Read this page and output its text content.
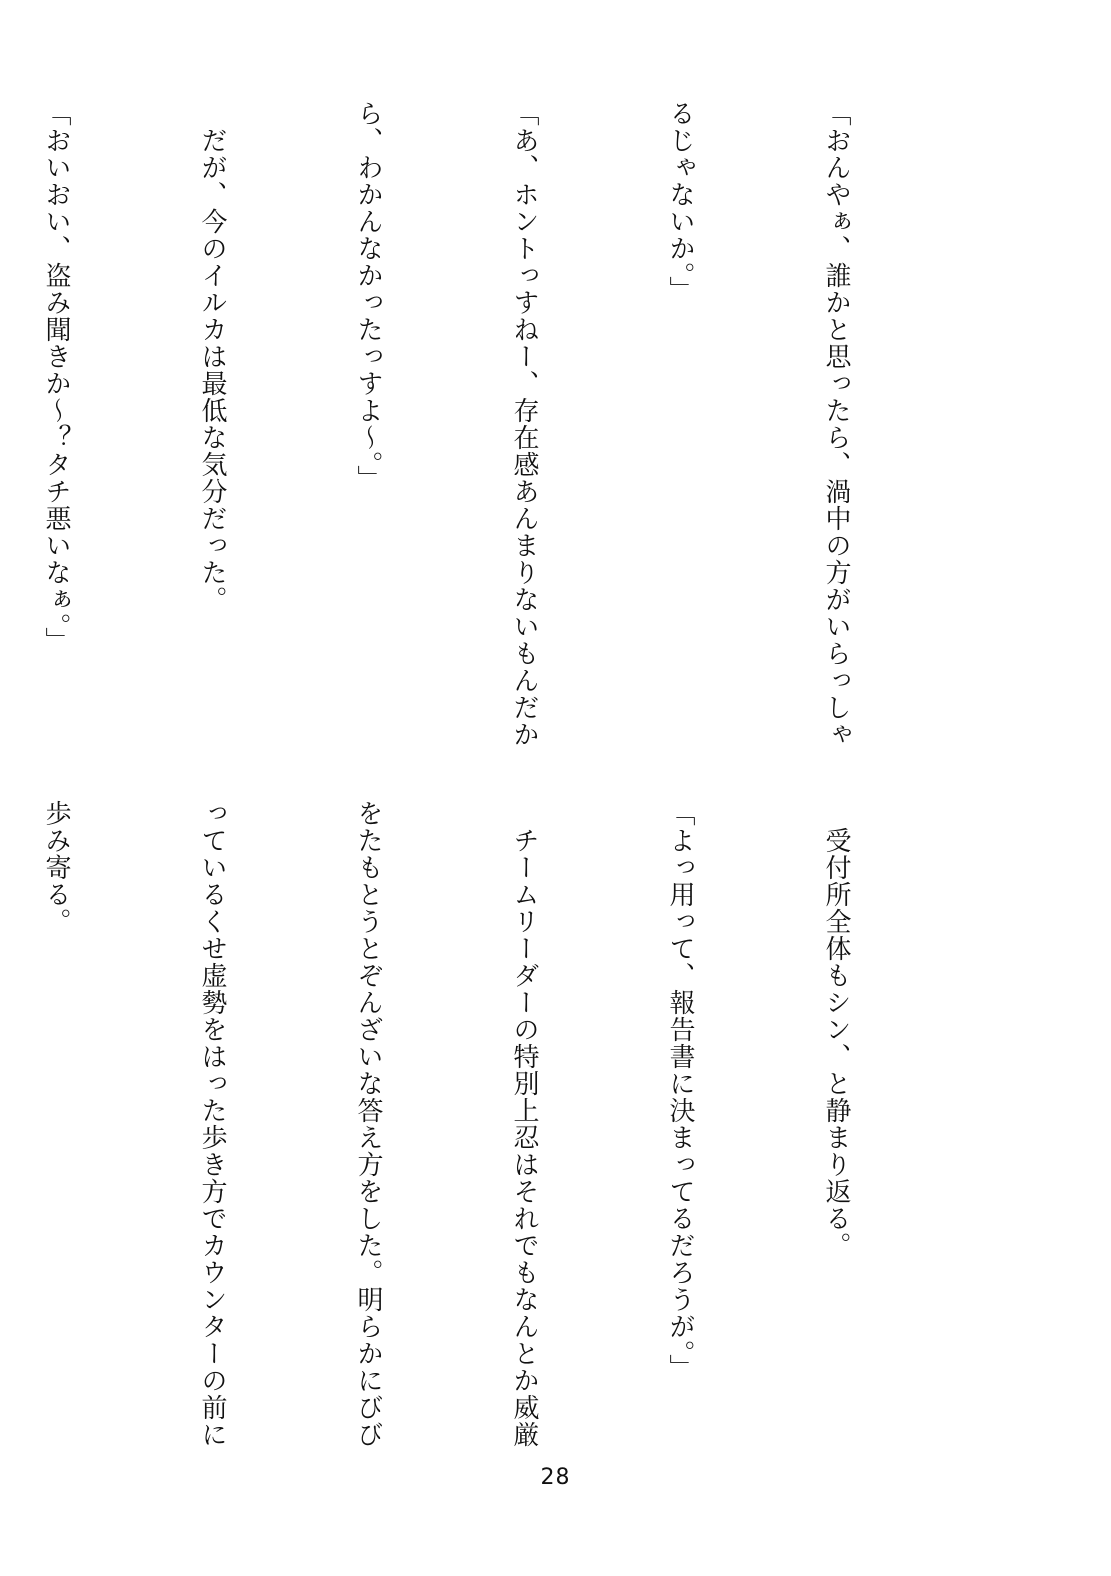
「おんやぁ、誰かと思ったら、渦中の方がいらっしゃ

るじゃないか。」

「あ、ホントっすねー、存在感あんまりないもんだか

ら、わかんなかったっすよ〜。」

　だが、今のイルカは最低な気分だった。

「おいおい、盗み聞きか〜？タチ悪いなぁ。」

　受付所全体もシン、と静まり返る。

「よっ用って、報告書に決まってるだろうが。」

　チームリーダーの特別上忍はそれでもなんとか威厳

をたもとうとぞんざいな答え方をした。明らかにびび

っているくせ虚勢をはった歩き方でカウンターの前に

歩み寄る。

28
